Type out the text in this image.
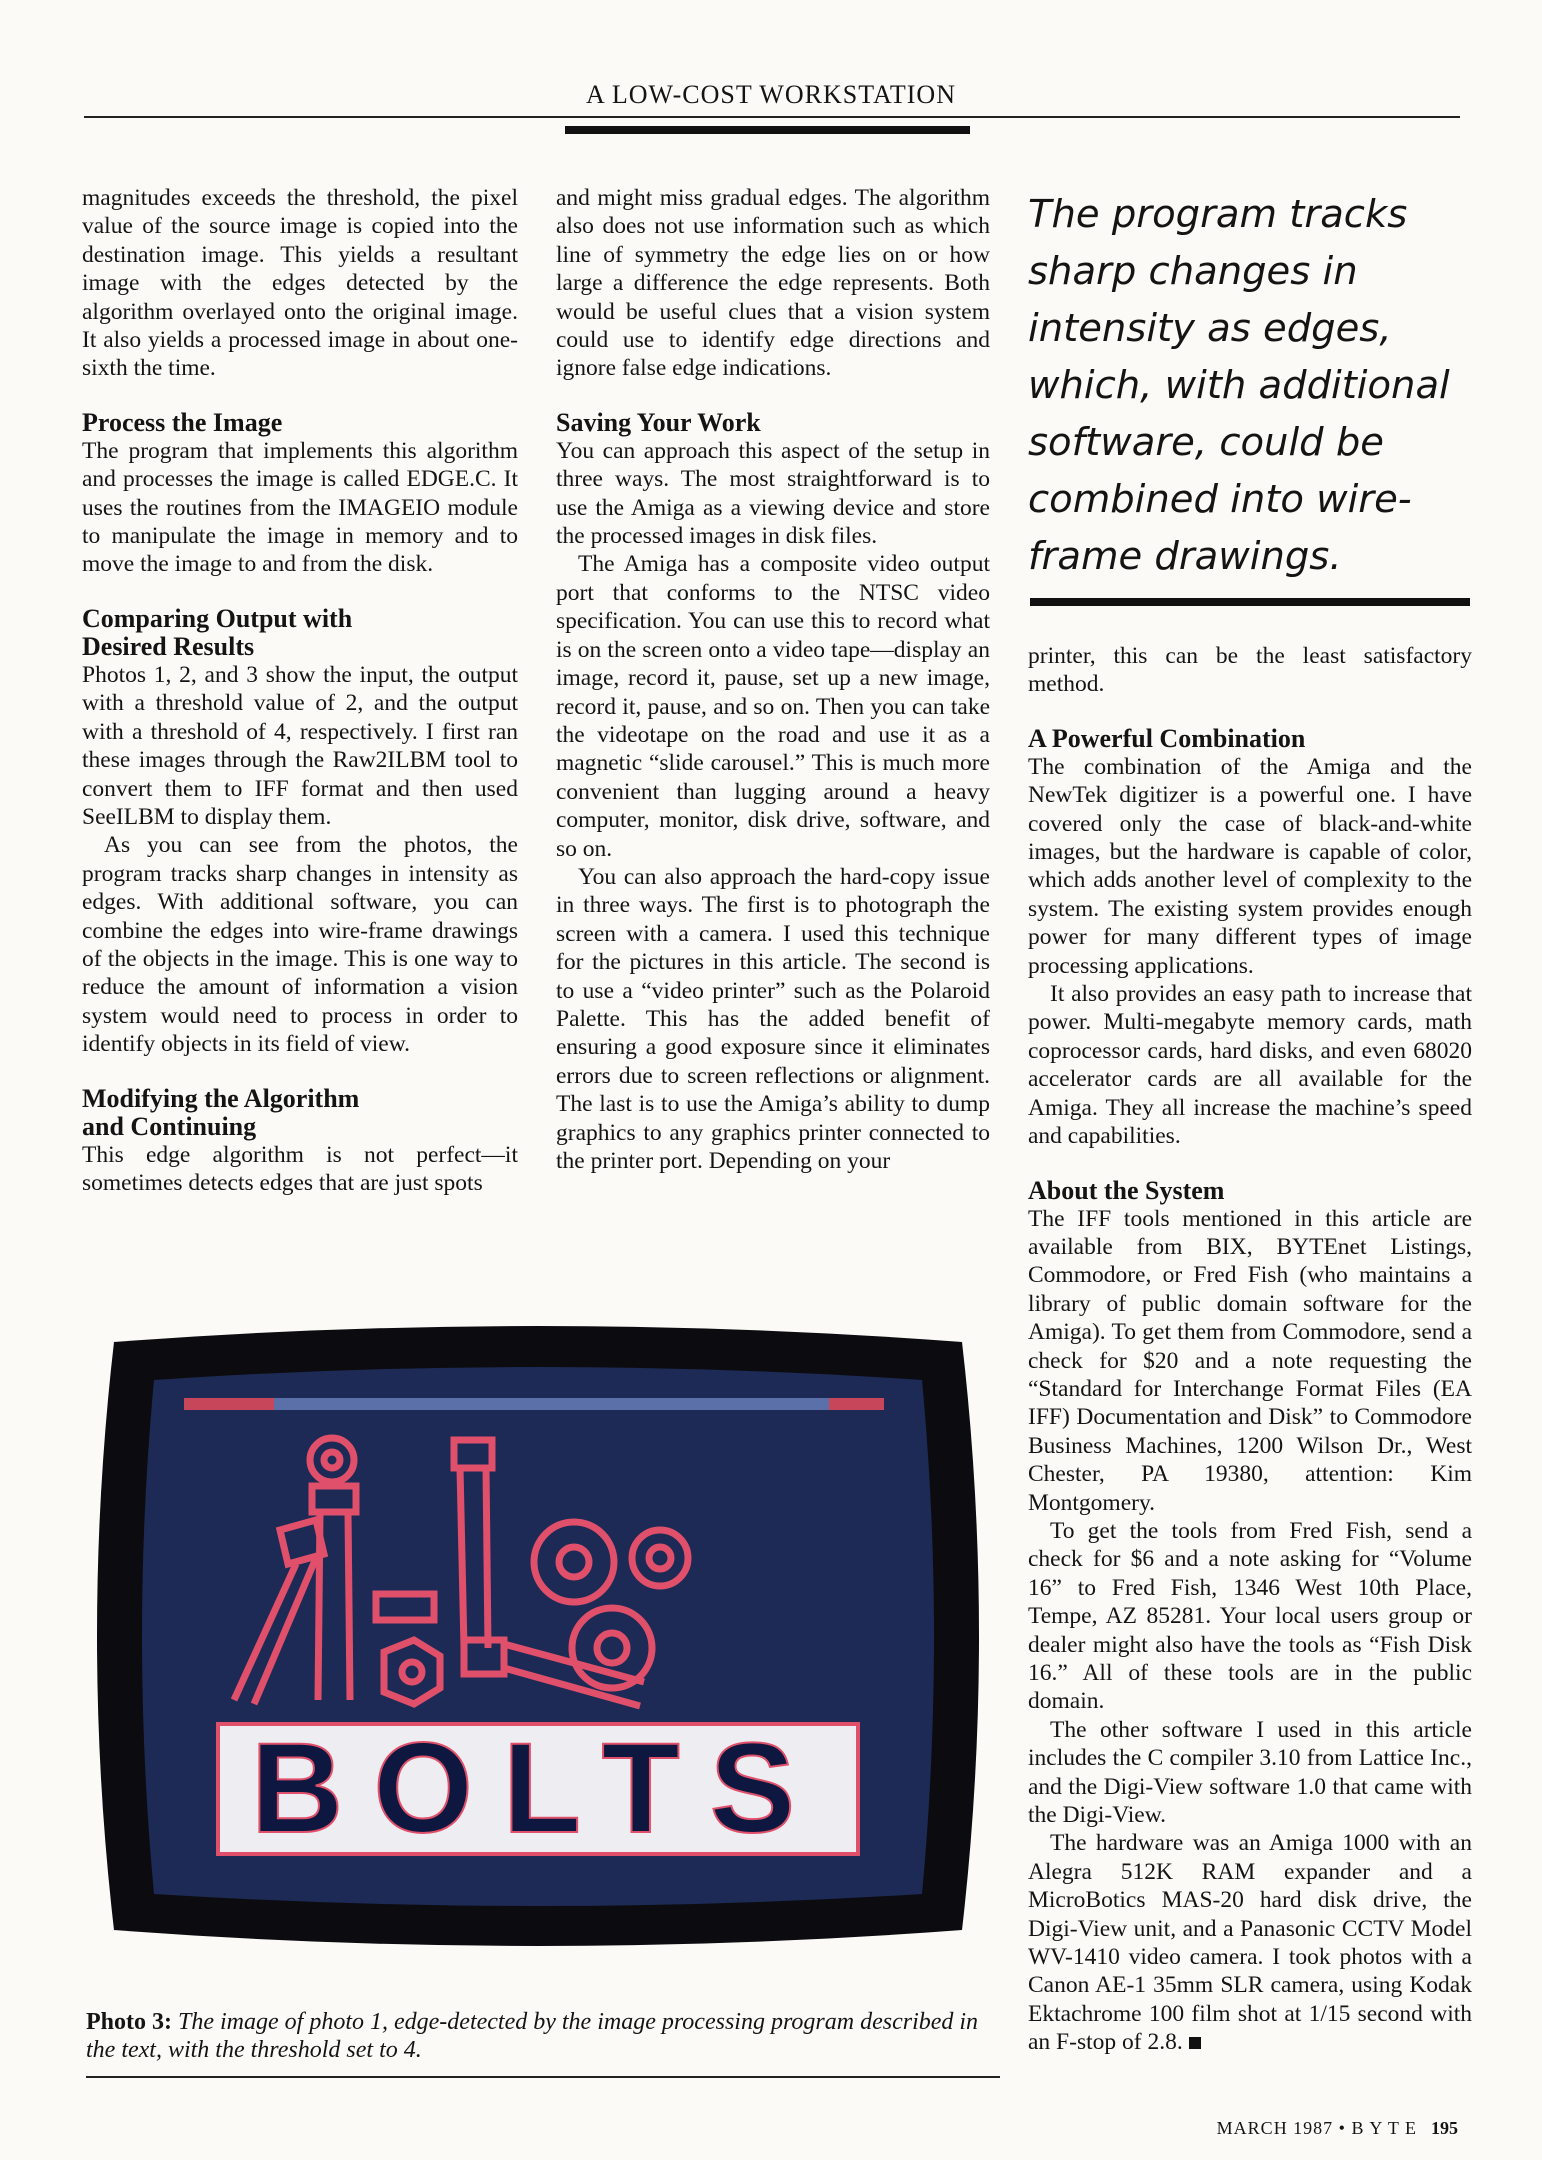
A LOW-COST WORKSTATION

magnitudes exceeds the threshold, the pixel value of the source image is copied into the destination image. This yields a resultant image with the edges detected by the algorithm overlayed onto the original image. It also yields a processed image in about one-sixth the time.

Process the Image

The program that implements this algorithm and processes the image is called EDGE.C. It uses the routines from the IMAGEIO module to manipulate the image in memory and to move the image to and from the disk.

Comparing Output with
Desired Results

Photos 1, 2, and 3 show the input, the output with a threshold value of 2, and the output with a threshold of 4, respectively. I first ran these images through the Raw2ILBM tool to convert them to IFF format and then used SeeILBM to display them.

As you can see from the photos, the program tracks sharp changes in intensity as edges. With additional software, you can combine the edges into wire-frame drawings of the objects in the image. This is one way to reduce the amount of information a vision system would need to process in order to identify objects in its field of view.

Modifying the Algorithm
and Continuing

This edge algorithm is not perfect—it sometimes detects edges that are just spots

and might miss gradual edges. The algorithm also does not use information such as which line of symmetry the edge lies on or how large a difference the edge represents. Both would be useful clues that a vision system could use to identify edge directions and ignore false edge indications.

Saving Your Work

You can approach this aspect of the setup in three ways. The most straightforward is to use the Amiga as a viewing device and store the processed images in disk files.

The Amiga has a composite video output port that conforms to the NTSC video specification. You can use this to record what is on the screen onto a video tape—display an image, record it, pause, set up a new image, record it, pause, and so on. Then you can take the videotape on the road and use it as a magnetic “slide carousel.” This is much more convenient than lugging around a heavy computer, monitor, disk drive, software, and so on.

You can also approach the hard-copy issue in three ways. The first is to photograph the screen with a camera. I used this technique for the pictures in this article. The second is to use a “video printer” such as the Polaroid Palette. This has the added benefit of ensuring a good exposure since it eliminates errors due to screen reflections or alignment. The last is to use the Amiga’s ability to dump graphics to any graphics printer connected to the printer port. Depending on your

The program tracks sharp changes in intensity as edges, which, with additional software, could be combined into wire-frame drawings.

printer, this can be the least satisfactory method.

A Powerful Combination

The combination of the Amiga and the NewTek digitizer is a powerful one. I have covered only the case of black-and-white images, but the hardware is capable of color, which adds another level of complexity to the system. The existing system provides enough power for many different types of image processing applications.

It also provides an easy path to increase that power. Multi-megabyte memory cards, math coprocessor cards, hard disks, and even 68020 accelerator cards are all available for the Amiga. They all increase the machine’s speed and capabilities.

About the System

The IFF tools mentioned in this article are available from BIX, BYTEnet Listings, Commodore, or Fred Fish (who maintains a library of public domain software for the Amiga). To get them from Commodore, send a check for $20 and a note requesting the “Standard for Interchange Format Files (EA IFF) Documentation and Disk” to Commodore Business Machines, 1200 Wilson Dr., West Chester, PA 19380, attention: Kim Montgomery.

To get the tools from Fred Fish, send a check for $6 and a note asking for “Volume 16” to Fred Fish, 1346 West 10th Place, Tempe, AZ 85281. Your local users group or dealer might also have the tools as “Fish Disk 16.” All of these tools are in the public domain.

The other software I used in this article includes the C compiler 3.10 from Lattice Inc., and the Digi-View software 1.0 that came with the Digi-View.

The hardware was an Amiga 1000 with an Alegra 512K RAM expander and a MicroBotics MAS-20 hard disk drive, the Digi-View unit, and a Panasonic CCTV Model WV-1410 video camera. I took photos with a Canon AE-1 35mm SLR camera, using Kodak Ektachrome 100 film shot at 1/15 second with an F-stop of 2.8.

BOLTS
Photo 3: The image of photo 1, edge-detected by the image processing program described in the text, with the threshold set to 4.
MARCH 1987 • B Y T E 195
